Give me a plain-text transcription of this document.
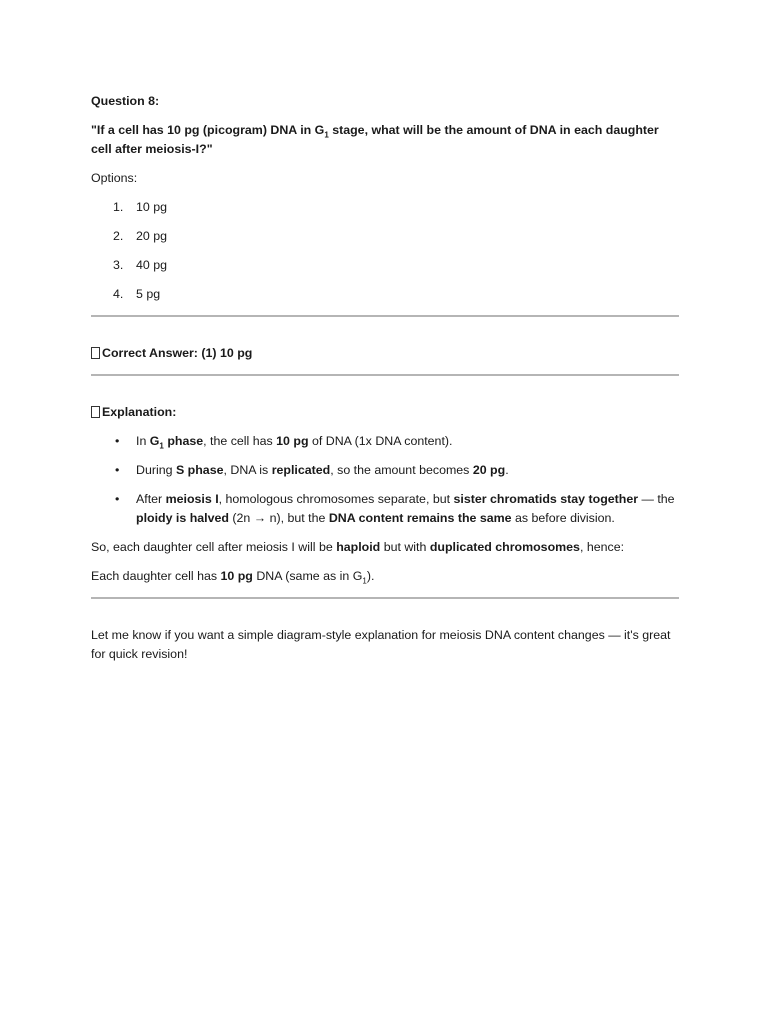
Question 8:

"If a cell has 10 pg (picogram) DNA in $G_1$ stage, what will be the amount of DNA in each daughter cell after meiosis-I?"

Options:

1. 10 pg
2. 20 pg
3. 40 pg
4. 5 pg

Correct Answer: (1) 10 pg

Explanation:

• In $G_1$ phase, the cell has 10 pg of DNA (1x DNA content).
• During S phase, DNA is replicated, so the amount becomes 20 pg.
• After meiosis I, homologous chromosomes separate, but sister chromatids stay together — the ploidy is halved (2n → n), but the DNA content remains the same as before division.

So, each daughter cell after meiosis I will be haploid but with duplicated chromosomes, hence:

Each daughter cell has 10 pg DNA (same as in $G_1$).

Let me know if you want a simple diagram-style explanation for meiosis DNA content changes — it's great for quick revision!
